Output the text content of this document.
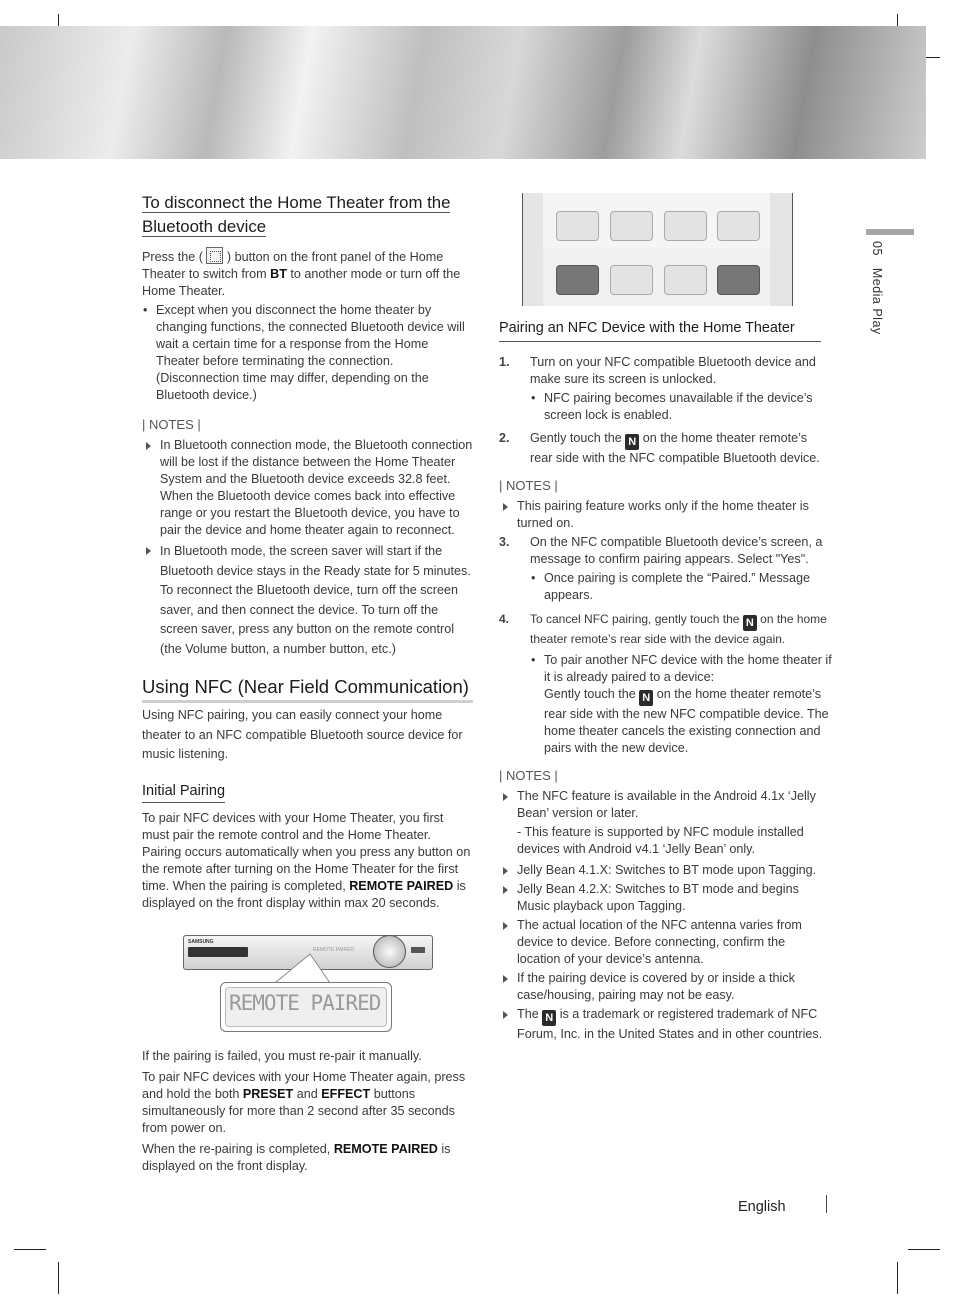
05   Media Play
To disconnect the Home Theater from the
Bluetooth device

Press the ( ) button on the front panel of the Home Theater to switch from BT to another mode or turn off the Home Theater.

• Except when you disconnect the home theater by changing functions, the connected Bluetooth device will wait a certain time for a response from the Home Theater before terminating the connection. (Disconnection time may differ, depending on the Bluetooth device.)

| NOTES |

In Bluetooth connection mode, the Bluetooth connection will be lost if the distance between the Home Theater System and the Bluetooth device exceeds 32.8 feet. When the Bluetooth device comes back into effective range or you restart the Bluetooth device, you have to pair the device and home theater again to reconnect.

In Bluetooth mode, the screen saver will start if the Bluetooth device stays in the Ready state for 5 minutes. To reconnect the Bluetooth device, turn off the screen saver, and then connect the device. To turn off the screen saver, press any button on the remote control (the Volume button, a number button, etc.)

Using NFC (Near Field Communication)

Using NFC pairing, you can easily connect your home theater to an NFC compatible Bluetooth source device for music listening.

Initial Pairing

To pair NFC devices with your Home Theater, you first must pair the remote control and the Home Theater. Pairing occurs automatically when you press any button on the remote after turning on the Home Theater for the first time. When the pairing is completed, REMOTE PAIRED is displayed on the front display within max 20 seconds.

SAMSUNG
REMOTE PAIRED
REMOTE PAIRED

If the pairing is failed, you must re-pair it manually.

To pair NFC devices with your Home Theater again, press and hold the both PRESET and EFFECT buttons simultaneously for more than 2 second after 35 seconds from power on.

When the re-pairing is completed, REMOTE PAIRED is displayed on the front display.

Pairing an NFC Device with the Home Theater

1. Turn on your NFC compatible Bluetooth device and make sure its screen is unlocked.

• NFC pairing becomes unavailable if the device’s screen lock is enabled.

2. Gently touch the N on the home theater remote’s rear side with the NFC compatible Bluetooth device.

| NOTES |

This pairing feature works only if the home theater is turned on.

3. On the NFC compatible Bluetooth device’s screen, a message to confirm pairing appears. Select "Yes".

• Once pairing is complete the “Paired.” Message appears.

4. To cancel NFC pairing, gently touch the N on the home theater remote’s rear side with the device again.

• To pair another NFC device with the home theater if it is already paired to a device:
Gently touch the N on the home theater remote’s rear side with the new NFC compatible device. The home theater cancels the existing connection and pairs with the new device.

| NOTES |

The NFC feature is available in the Android 4.1x ‘Jelly Bean’ version or later.

- This feature is supported by NFC module installed devices with Android v4.1 ‘Jelly Bean’ only.

Jelly Bean 4.1.X: Switches to BT mode upon Tagging.

Jelly Bean 4.2.X: Switches to BT mode and begins Music playback upon Tagging.

The actual location of the NFC antenna varies from device to device. Before connecting, confirm the location of your device’s antenna.

If the pairing device is covered by or inside a thick case/housing, pairing may not be easy.

The N is a trademark or registered trademark of NFC Forum, Inc. in the United States and in other countries.

English
